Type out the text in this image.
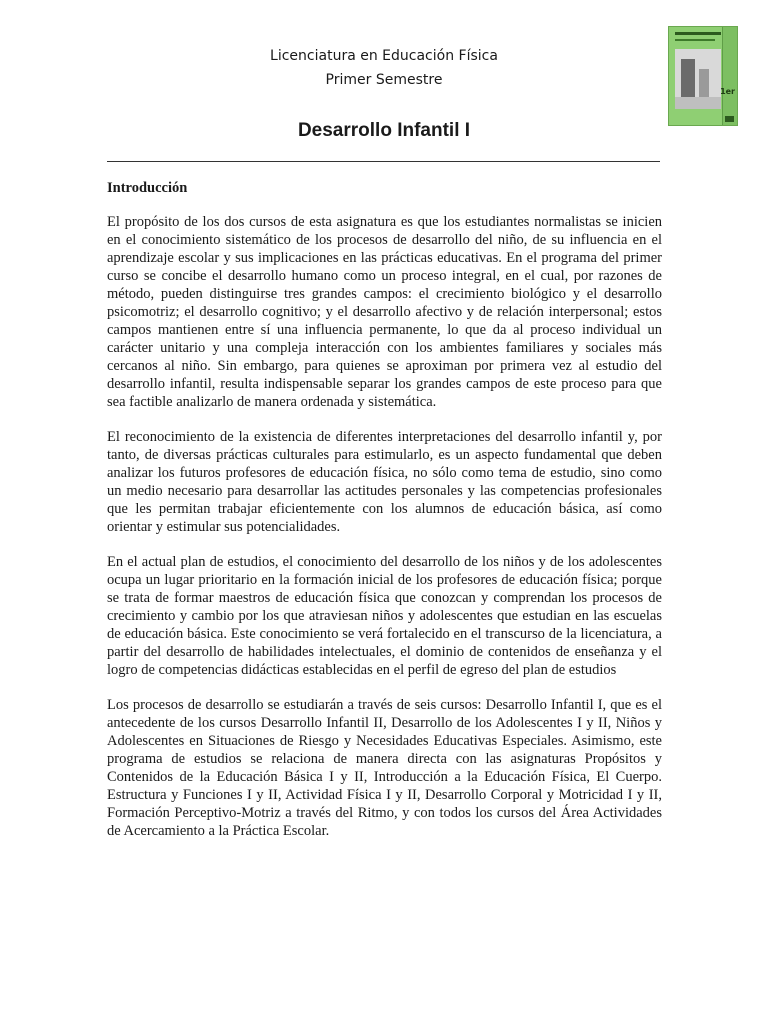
Licenciatura en Educación Física
Primer Semestre
1er
Desarrollo Infantil I
Introducción

El propósito de los dos cursos de esta asignatura es que los estudiantes normalistas se inicien en el conocimiento sistemático de los procesos de desarrollo del niño, de su influencia en el aprendizaje escolar y sus implicaciones en las prácticas educativas. En el programa del primer curso se concibe el desarrollo humano como un proceso integral, en el cual, por razones de método, pueden distinguirse tres grandes campos: el crecimiento biológico y el desarrollo psicomotriz; el desarrollo cognitivo; y el desarrollo afectivo y de relación interpersonal; estos campos mantienen entre sí una influencia permanente, lo que da al proceso individual un carácter unitario y una compleja interacción con los ambientes familiares y sociales más cercanos al niño. Sin embargo, para quienes se aproximan por primera vez al estudio del desarrollo infantil, resulta indispensable separar los grandes campos de este proceso para que sea factible analizarlo de manera ordenada y sistemática.

El reconocimiento de la existencia de diferentes interpretaciones del desarrollo infantil y, por tanto, de diversas prácticas culturales para estimularlo, es un aspecto fundamental que deben analizar los futuros profesores de educación física, no sólo como tema de estudio, sino como un medio necesario para desarrollar las actitudes personales y las competencias profesionales que les permitan trabajar eficientemente con los alumnos de educación básica, así como orientar y estimular sus potencialidades.

En el actual plan de estudios, el conocimiento del desarrollo de los niños y de los adolescentes ocupa un lugar prioritario en la formación inicial de los profesores de educación física; porque se trata de formar maestros de educación física que conozcan y comprendan los procesos de crecimiento y cambio por los que atraviesan niños y adolescentes que estudian en las escuelas de educación básica. Este conocimiento se verá fortalecido en el transcurso de la licenciatura, a partir del desarrollo de habilidades intelectuales, el dominio de contenidos de enseñanza y el logro de competencias didácticas establecidas en el perfil de egreso del plan de estudios

Los procesos de desarrollo se estudiarán a través de seis cursos: Desarrollo Infantil I, que es el antecedente de los cursos Desarrollo Infantil II, Desarrollo de los Adolescentes I y II, Niños y Adolescentes en Situaciones de Riesgo y Necesidades Educativas Especiales. Asimismo, este programa de estudios se relaciona de manera directa con las asignaturas Propósitos y Contenidos de la Educación Básica I y II, Introducción a la Educación Física, El Cuerpo. Estructura y Funciones I y II, Actividad Física I y II, Desarrollo Corporal y Motricidad I y II, Formación Perceptivo-Motriz a través del Ritmo, y con todos los cursos del Área Actividades de Acercamiento a la Práctica Escolar.
